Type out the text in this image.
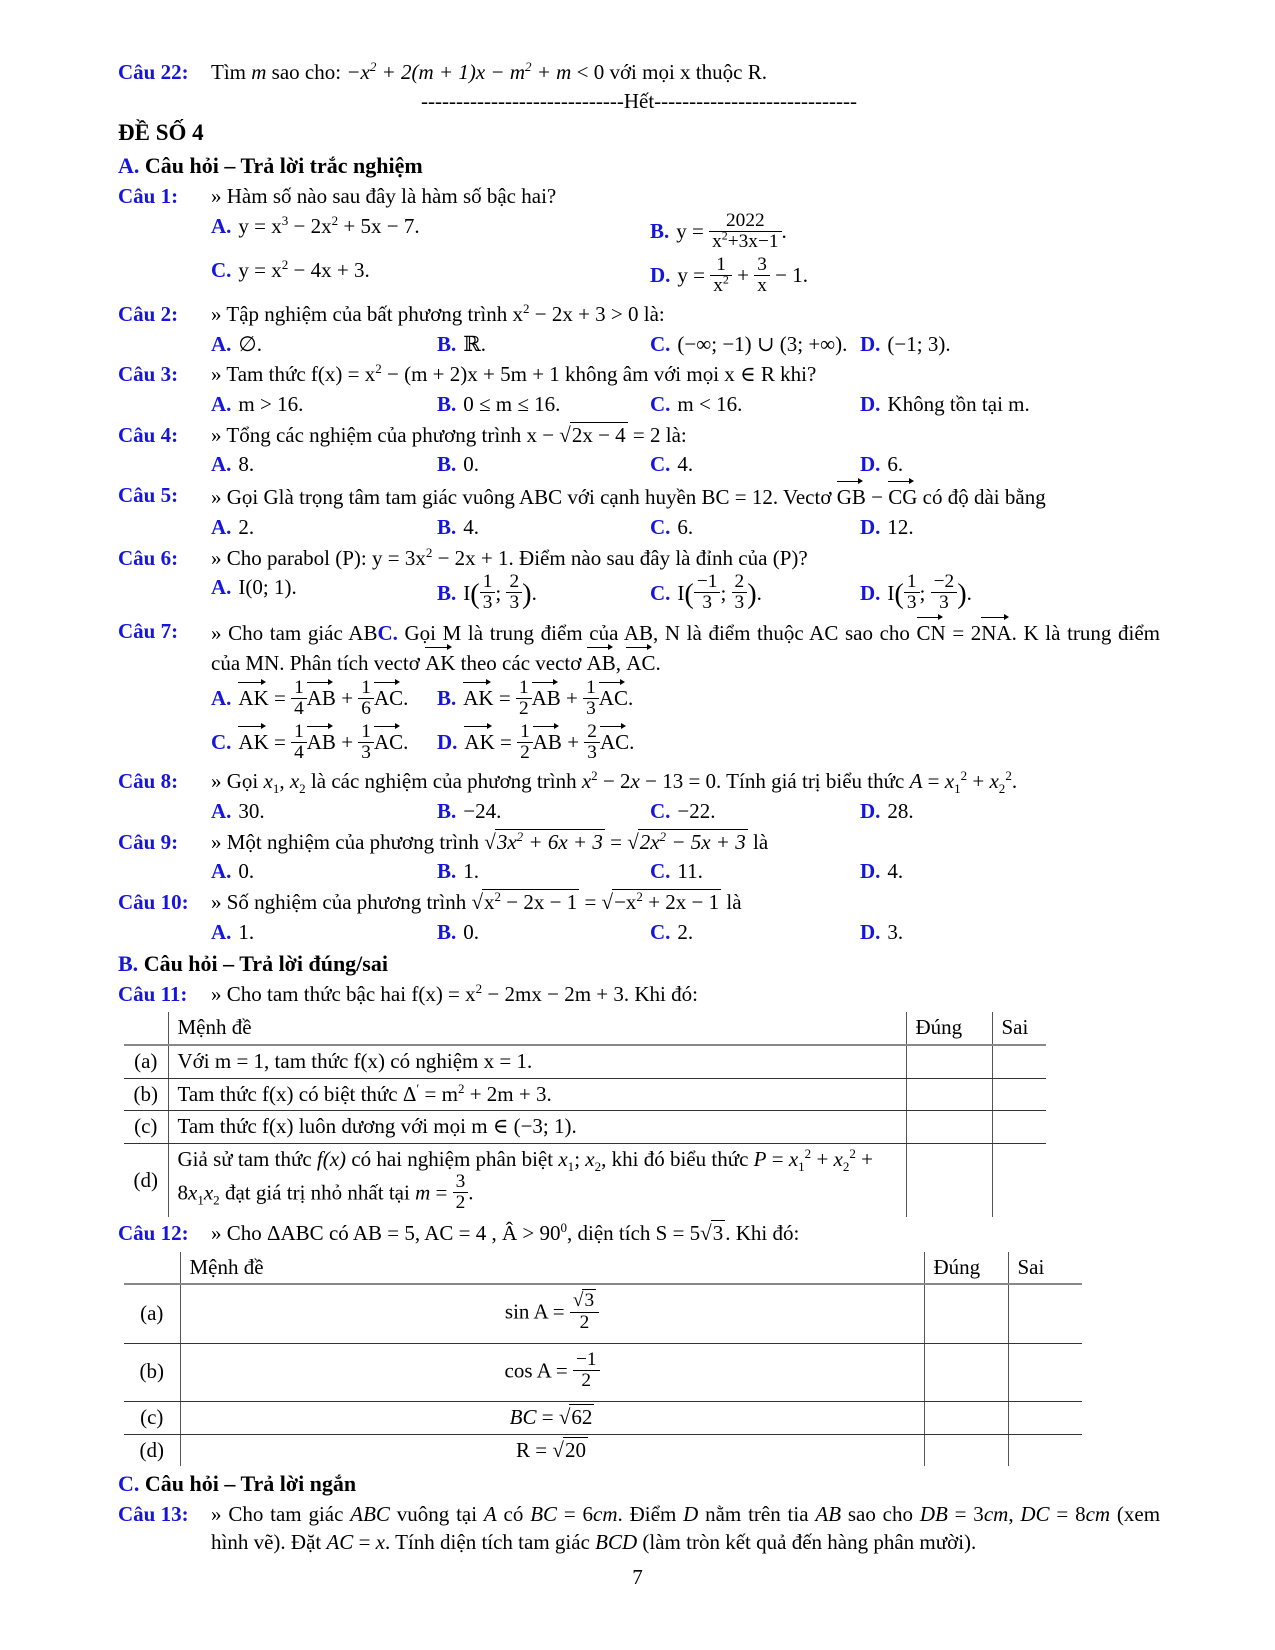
Câu 22:	Tìm m sao cho: $-x^2 + 2(m + 1)x - m^2 + m < 0$ với mọi x thuộc R.
-----------------------------Hết-----------------------------
ĐỀ SỐ 4
A. Câu hỏi – Trả lời trắc nghiệm
Câu 1:	» Hàm số nào sau đây là hàm số bậc hai?
A. $y = x^3 - 2x^2 + 5x - 7$.	B. $y = \frac{2022}{x^2+3x-1}$ .
C. $y = x^2 - 4x + 3$.	D. $y = \frac{1}{x^2} + \frac{3}{x} - 1$.
Câu 2:	» Tập nghiệm của bất phương trình $x^2 - 2x + 3 > 0$ là:
A. ∅.	B. ℝ.	C. (−∞; −1) ∪ (3; +∞). D. (−1; 3).
Câu 3:	» Tam thức $f(x) = x^2 - (m + 2)x + 5m + 1$ không âm với mọi x ∈ R khi?
A. m > 16.	B. 0 ≤ m ≤ 16.	C. m < 16.	D. Không tồn tại m.
Câu 4:	» Tổng các nghiệm của phương trình x − √2x − 4 = 2 là:
A. 8.	B. 0.	C. 4.	D. 6.
Câu 5:	» Gọi Glà trọng tâm tam giác vuông ABC với cạnh huyền BC = 12. Vectơ GB − CG có độ dài bằng
A. 2.	B. 4.	C. 6.	D. 12.
Câu 6:	» Cho parabol (P): $y = 3x^2 - 2x + 1$. Điểm nào sau đây là đỉnh của (P)?
A. I(0; 1).	B. $I( \frac{1}{3}$ ; $\frac{2}{3}$ ).	C. $I( \frac{-1}{3}$ ; $\frac{2}{3}$ ).	D. $I( \frac{1}{3}$ ; $\frac{-2}{3}$ ).
Câu 7:	» Cho tam giác ABC. Gọi M là trung điểm của AB, N là điểm thuộc AC sao cho CN = 2NA. K là trung điểm của MN. Phân tích vectơ AK theo các vectơ AB, AC.
A. AK = $\frac{1}{4}$ AB + $\frac{1}{6}$ AC.	B. AK = $\frac{1}{2}$ AB + $\frac{1}{3}$ AC.
C. AK = $\frac{1}{4}$ AB + $\frac{1}{3}$ AC.	D. AK = $\frac{1}{2}$ AB + $\frac{2}{3}$ AC.
Câu 8:	» Gọi $x_1$, $x_2$ là các nghiệm của phương trình $x^2 - 2x - 13 = 0$. Tính giá trị biểu thức $A = x_1^2 + x_2^2$.
A. 30.	B. −24.	C. −22.	D. 28.
Câu 9:	» Một nghiệm của phương trình $√3x^2 + 6x + 3 = √2x^2 - 5x + 3$ là
A. 0.	B. 1.	C. 11.	D. 4.
Câu 10:	» Số nghiệm của phương trình $√x^2 - 2x - 1 = √-x^2 + 2x - 1$ là
A. 1.	B. 0.	C. 2.	D. 3.
B. Câu hỏi – Trả lời đúng/sai
Câu 11:	» Cho tam thức bậc hai $f(x) = x^2 - 2mx - 2m + 3$. Khi đó:
	Mệnh đề	Đúng	Sai
(a)	Với m = 1, tam thức f(x) có nghiệm x = 1.		
(b)	Tam thức f(x) có biệt thức $\Delta' = m^2 + 2m + 3$.		
(c)	Tam thức f(x) luôn dương với mọi m ∈ (−3; 1).		
(d)	Giả sử tam thức f(x) có hai nghiệm phân biệt $x_1$; $x_2$, khi đó biểu thức $P = x_1^2 + x_2^2 + 8x_1x_2$ đạt giá trị nhỏ nhất tại $m = \frac{3}{2}$ .		
Câu 12:	» Cho ΔABC có AB = 5, AC = 4 , Â > $90^0$, diện tích S = 5√3. Khi đó:
	Mệnh đề	Đúng	Sai
(a)	$\sin A = \frac{√ 3}{2}$

(b)	$\cos A = \frac{-1}{2}$

(c)	BC = √62		
(d)	R = √20		
C. Câu hỏi – Trả lời ngắn
Câu 13:	» Cho tam giác ABC vuông tại A có BC = 6cm. Điểm D nằm trên tia AB sao cho DB = 3cm, DC = 8cm (xem hình vẽ). Đặt AC = x. Tính diện tích tam giác BCD (làm tròn kết quả đến hàng phân mười).
7
